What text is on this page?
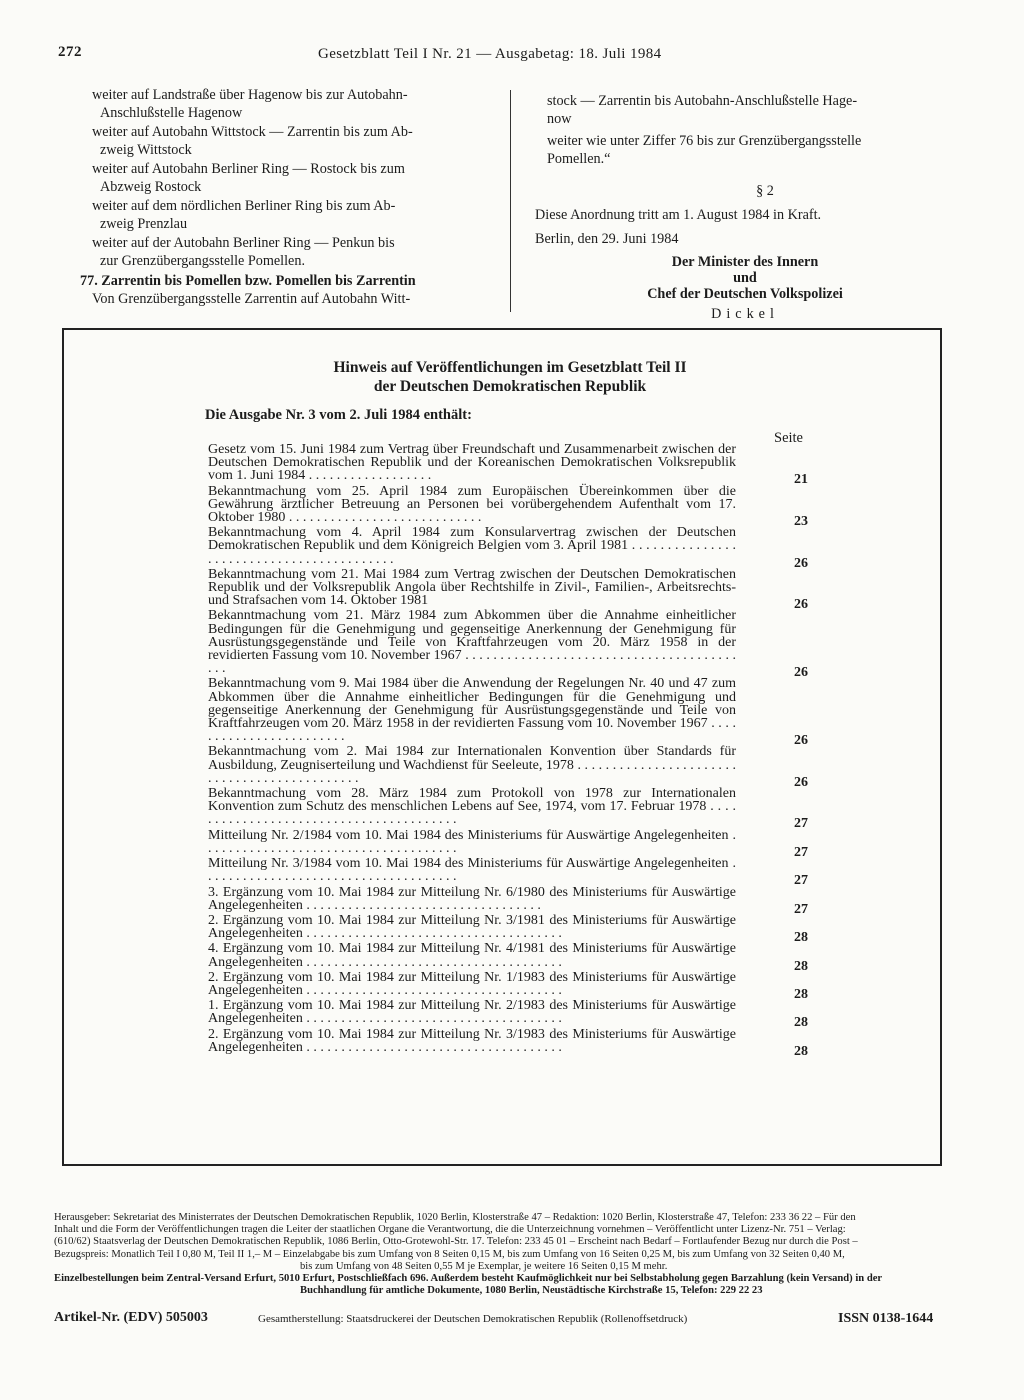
272	Gesetzblatt Teil I Nr. 21 — Ausgabetag: 18. Juli 1984
weiter auf Landstraße über Hagenow bis zur Autobahn-
Anschlußstelle Hagenow
weiter auf Autobahn Wittstock — Zarrentin bis zum Ab-
zweig Wittstock
weiter auf Autobahn Berliner Ring — Rostock bis zum
Abzweig Rostock
weiter auf dem nördlichen Berliner Ring bis zum Ab-
zweig Prenzlau
weiter auf der Autobahn Berliner Ring — Penkun bis
zur Grenzübergangsstelle Pomellen.
77. Zarrentin bis Pomellen bzw. Pomellen bis Zarrentin
Von Grenzübergangsstelle Zarrentin auf Autobahn Witt-
stock — Zarrentin bis Autobahn-Anschlußstelle Hage-
now
weiter wie unter Ziffer 76 bis zur Grenzübergangsstelle
Pomellen.“
§ 2
Diese Anordnung tritt am 1. August 1984 in Kraft.
Berlin, den 29. Juni 1984
Der Minister des Innern
und
Chef der Deutschen Volkspolizei
Dickel
Hinweis auf Veröffentlichungen im Gesetzblatt Teil II
der Deutschen Demokratischen Republik
Die Ausgabe Nr. 3 vom 2. Juli 1984 enthält:
Seite
Gesetz vom 15. Juni 1984 zum Vertrag über Freundschaft und Zusammenarbeit zwischen der Deutschen Demokratischen Republik und der Koreanischen Demokratischen Volksrepublik vom 1. Juni 1984 . . . . . . . . . . . . . . . . . .	21
Bekanntmachung vom 25. April 1984 zum Europäischen Übereinkommen über die Gewährung ärztlicher Betreuung an Personen bei vorübergehendem Aufenthalt vom 17. Oktober 1980 . . . . . . . . . . . . . . . . . . . . . . . . . . . .	23
Bekanntmachung vom 4. April 1984 zum Konsularvertrag zwischen der Deutschen Demokratischen Republik und dem Königreich Belgien vom 3. April 1981 . . . . . . . . . . . . . . . . . . . . . . . . . . . . . . . . . . . . . . . . . .	26
Bekanntmachung vom 21. Mai 1984 zum Vertrag zwischen der Deutschen Demokratischen Republik und der Volksrepublik Angola über Rechtshilfe in Zivil-, Familien-, Arbeitsrechts- und Strafsachen vom 14. Oktober 1981	26
Bekanntmachung vom 21. März 1984 zum Abkommen über die Annahme einheitlicher Bedingungen für die Genehmigung und gegenseitige Anerkennung der Genehmigung für Ausrüstungsgegenstände und Teile von Kraftfahrzeugen vom 20. März 1958 in der revidierten Fassung vom 10. November 1967 . . . . . . . . . . . . . . . . . . . . . . . . . . . . . . . . . . . . . . . . . .	26
Bekanntmachung vom 9. Mai 1984 über die Anwendung der Regelungen Nr. 40 und 47 zum Abkommen über die Annahme einheitlicher Bedingungen für die Genehmigung und gegenseitige Anerkennung der Genehmigung für Ausrüstungsgegenstände und Teile von Kraftfahrzeugen vom 20. März 1958 in der revidierten Fassung vom 10. November 1967 . . . . . . . . . . . . . . . . . . . . . . . .	26
Bekanntmachung vom 2. Mai 1984 zur Internationalen Konvention über Standards für Ausbildung, Zeugniserteilung und Wachdienst für Seeleute, 1978 . . . . . . . . . . . . . . . . . . . . . . . . . . . . . . . . . . . . . . . . . . . . .	26
Bekanntmachung vom 28. März 1984 zum Protokoll von 1978 zur Internationalen Konvention zum Schutz des menschlichen Lebens auf See, 1974, vom 17. Februar 1978 . . . . . . . . . . . . . . . . . . . . . . . . . . . . . . . . . . . . . . . .	27
Mitteilung Nr. 2/1984 vom 10. Mai 1984 des Ministeriums für Auswärtige Angelegenheiten . . . . . . . . . . . . . . . . . . . . . . . . . . . . . . . . . . . . .	27
Mitteilung Nr. 3/1984 vom 10. Mai 1984 des Ministeriums für Auswärtige Angelegenheiten . . . . . . . . . . . . . . . . . . . . . . . . . . . . . . . . . . . . .	27
3. Ergänzung vom 10. Mai 1984 zur Mitteilung Nr. 6/1980 des Ministeriums für Auswärtige Angelegenheiten . . . . . . . . . . . . . . . . . . . . . . . . . . . . . . . . . .	27
2. Ergänzung vom 10. Mai 1984 zur Mitteilung Nr. 3/1981 des Ministeriums für Auswärtige Angelegenheiten . . . . . . . . . . . . . . . . . . . . . . . . . . . . . . . . . . . . .	28
4. Ergänzung vom 10. Mai 1984 zur Mitteilung Nr. 4/1981 des Ministeriums für Auswärtige Angelegenheiten . . . . . . . . . . . . . . . . . . . . . . . . . . . . . . . . . . . . .	28
2. Ergänzung vom 10. Mai 1984 zur Mitteilung Nr. 1/1983 des Ministeriums für Auswärtige Angelegenheiten . . . . . . . . . . . . . . . . . . . . . . . . . . . . . . . . . . . . .	28
1. Ergänzung vom 10. Mai 1984 zur Mitteilung Nr. 2/1983 des Ministeriums für Auswärtige Angelegenheiten . . . . . . . . . . . . . . . . . . . . . . . . . . . . . . . . . . . . .	28
2. Ergänzung vom 10. Mai 1984 zur Mitteilung Nr. 3/1983 des Ministeriums für Auswärtige Angelegenheiten . . . . . . . . . . . . . . . . . . . . . . . . . . . . . . . . . . . . .	28
Herausgeber: Sekretariat des Ministerrates der Deutschen Demokratischen Republik, 1020 Berlin, Klosterstraße 47 – Redaktion: 1020 Berlin, Klosterstraße 47, Telefon: 233 36 22 – Für den
Inhalt und die Form der Veröffentlichungen tragen die Leiter der staatlichen Organe die Verantwortung, die die Unterzeichnung vornehmen – Veröffentlicht unter Lizenz-Nr. 751 – Verlag:
(610/62) Staatsverlag der Deutschen Demokratischen Republik, 1086 Berlin, Otto-Grotewohl-Str. 17. Telefon: 233 45 01 – Erscheint nach Bedarf – Fortlaufender Bezug nur durch die Post –
Bezugspreis: Monatlich Teil I 0,80 M, Teil II 1,– M – Einzelabgabe bis zum Umfang von 8 Seiten 0,15 M, bis zum Umfang von 16 Seiten 0,25 M, bis zum Umfang von 32 Seiten 0,40 M,
bis zum Umfang von 48 Seiten 0,55 M je Exemplar, je weitere 16 Seiten 0,15 M mehr.
Einzelbestellungen beim Zentral-Versand Erfurt, 5010 Erfurt, Postschließfach 696. Außerdem besteht Kaufmöglichkeit nur bei Selbstabholung gegen Barzahlung (kein Versand) in der
Buchhandlung für amtliche Dokumente, 1080 Berlin, Neustädtische Kirchstraße 15, Telefon: 229 22 23
Artikel-Nr. (EDV) 505003	Gesamtherstellung: Staatsdruckerei der Deutschen Demokratischen Republik (Rollenoffsetdruck)	ISSN 0138-1644
